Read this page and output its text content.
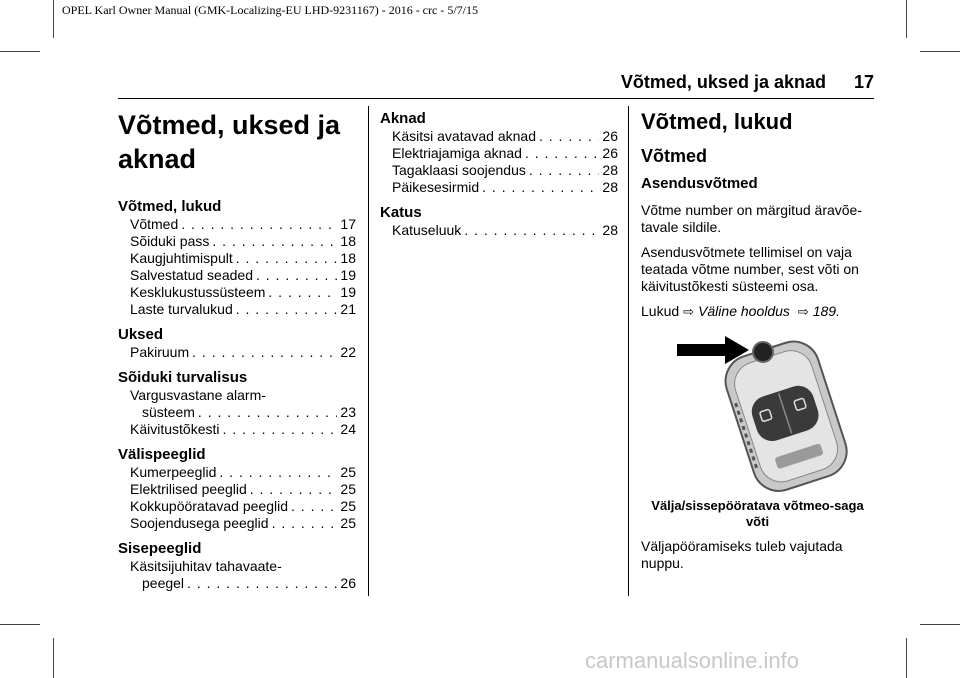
OPEL Karl Owner Manual (GMK-Localizing-EU LHD-9231167) - 2016 - crc - 5/7/15
Võtmed, uksed ja aknad 17
Võtmed, uksed ja aknad
Võtmed, lukud
Võtmed . . .	17
Sõiduki pass . . .	18
Kaugjuhtimispult . . .	18
Salvestatud seaded . . .	19
Kesklukustussüsteem . . .	19
Laste turvalukud . . .	21
Uksed
Pakiruum . . .	22
Sõiduki turvalisus
Vargusvastane alarm-
süsteem . . .	23
Käivitustõkesti . . .	24
Välispeeglid
Kumerpeeglid . . .	25
Elektrilised peeglid . . .	25
Kokkupööratavad peeglid . . .	25
Soojendusega peeglid . . .	25
Sisepeeglid
Käsitsijuhitav tahavaate-
peegel . . .	26
Aknad
Käsitsi avatavad aknad . . .	26
Elektriajamiga aknad . . .	26
Tagaklaasi soojendus . . .	28
Päikesesirmid . . .	28
Katus
Katuseluuk . . .	28
Võtmed, lukud
Võtmed
Asendusvõtmed

Võtme number on märgitud äravõe-tavale sildile.

Asendusvõtmete tellimisel on vaja teatada võtme number, sest võti on käivitustõkesti süsteemi osa.

Lukud ⇨ Väline hooldus ⇨ 189.

Välja/sissepööratava võtmeo-saga võti

Väljapööramiseks tuleb vajutada nuppu.

carmanualsonline.info
